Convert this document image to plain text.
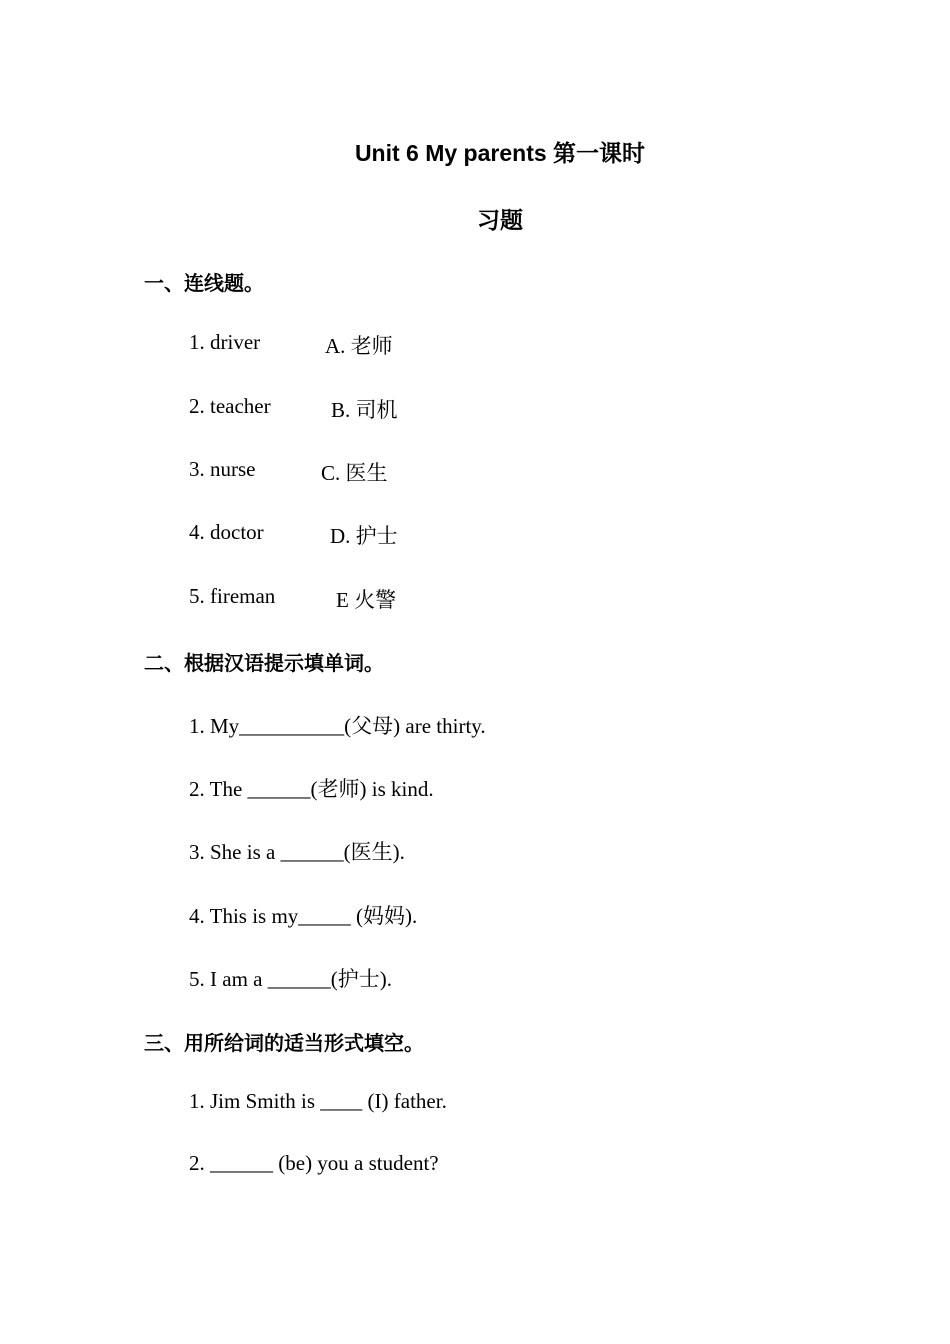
Unit 6 My parents 第一课时
习题
一、连线题。
1. driver	A. 老师
2. teacher	B. 司机
3. nurse	C. 医生
4. doctor	D. 护士
5. fireman	E 火警
二、根据汉语提示填单词。
1. My__________(父母) are thirty.
2. The ______(老师) is kind.
3. She is a ______(医生).
4. This is my_____ (妈妈).
5. I am a ______(护士).
三、用所给词的适当形式填空。
1. Jim Smith is ____ (I) father.
2. ______ (be) you a student?
